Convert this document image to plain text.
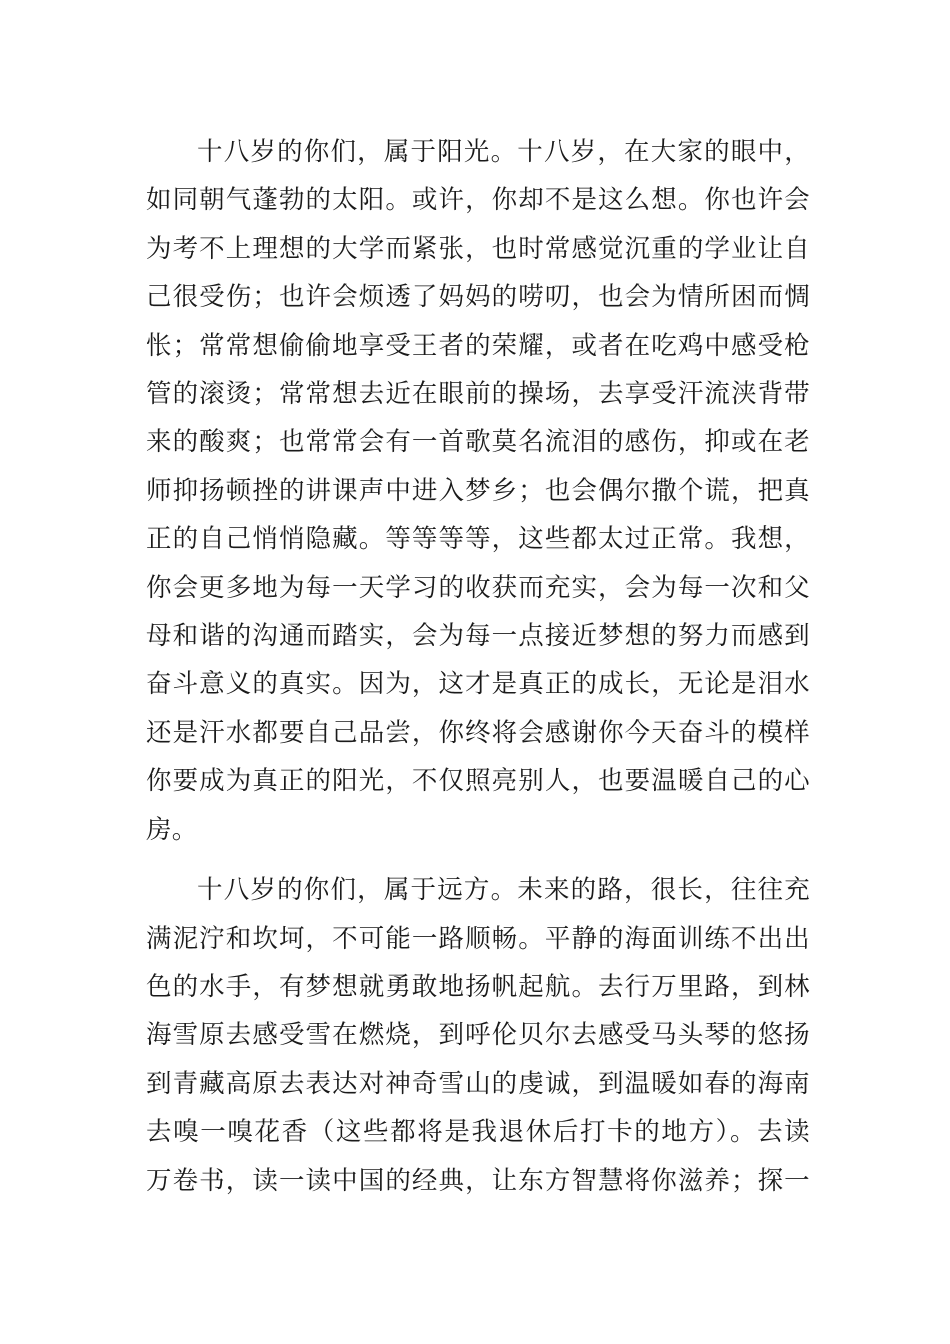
十八岁的你们，属于阳光。十八岁，在大家的眼中，
如同朝气蓬勃的太阳。或许，你却不是这么想。你也许会
为考不上理想的大学而紧张，也时常感觉沉重的学业让自
己很受伤；也许会烦透了妈妈的唠叨，也会为情所困而惆
怅；常常想偷偷地享受王者的荣耀，或者在吃鸡中感受枪
管的滚烫；常常想去近在眼前的操场，去享受汗流浃背带
来的酸爽；也常常会有一首歌莫名流泪的感伤，抑或在老
师抑扬顿挫的讲课声中进入梦乡；也会偶尔撒个谎，把真
正的自己悄悄隐藏。等等等等，这些都太过正常。我想，
你会更多地为每一天学习的收获而充实，会为每一次和父
母和谐的沟通而踏实，会为每一点接近梦想的努力而感到
奋斗意义的真实。因为，这才是真正的成长，无论是泪水
还是汗水都要自己品尝，你终将会感谢你今天奋斗的模样
你要成为真正的阳光，不仅照亮别人，也要温暖自己的心
房。
十八岁的你们，属于远方。未来的路，很长，往往充
满泥泞和坎坷，不可能一路顺畅。平静的海面训练不出出
色的水手，有梦想就勇敢地扬帆起航。去行万里路，到林
海雪原去感受雪在燃烧，到呼伦贝尔去感受马头琴的悠扬
到青藏高原去表达对神奇雪山的虔诚，到温暖如春的海南
去嗅一嗅花香（这些都将是我退休后打卡的地方）。去读
万卷书，读一读中国的经典，让东方智慧将你滋养；探一
